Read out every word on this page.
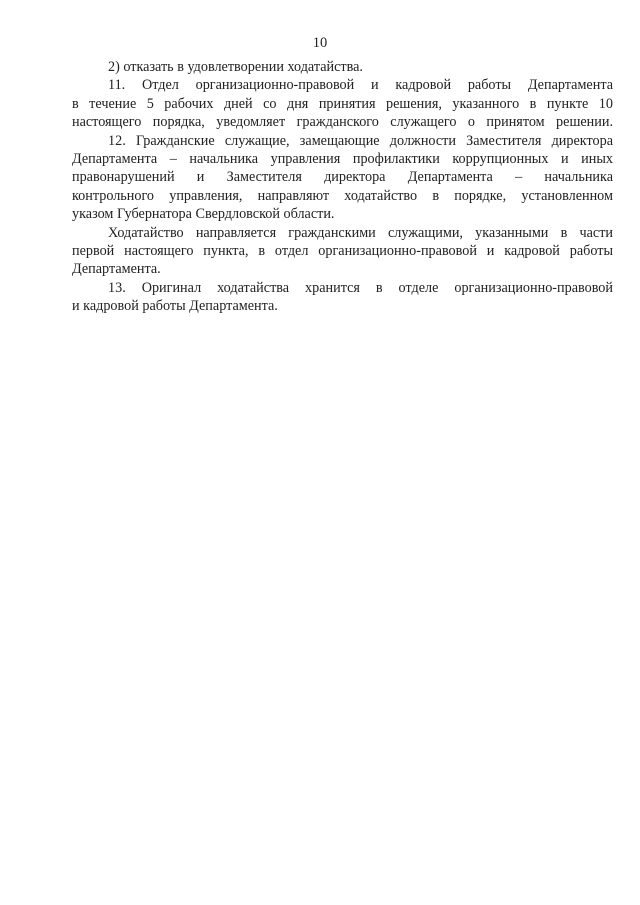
10
2) отказать в удовлетворении ходатайства.
11. Отдел организационно-правовой и кадровой работы Департамента
в течение 5 рабочих дней со дня принятия решения, указанного в пункте 10
настоящего порядка, уведомляет гражданского служащего о принятом решении.
12. Гражданские служащие, замещающие должности Заместителя директора
Департамента – начальника управления профилактики коррупционных и иных
правонарушений и Заместителя директора Департамента – начальника
контрольного управления, направляют ходатайство в порядке, установленном
указом Губернатора Свердловской области.
Ходатайство направляется гражданскими служащими, указанными в части
первой настоящего пункта, в отдел организационно-правовой и кадровой работы
Департамента.
13. Оригинал ходатайства хранится в отделе организационно-правовой
и кадровой работы Департамента.
